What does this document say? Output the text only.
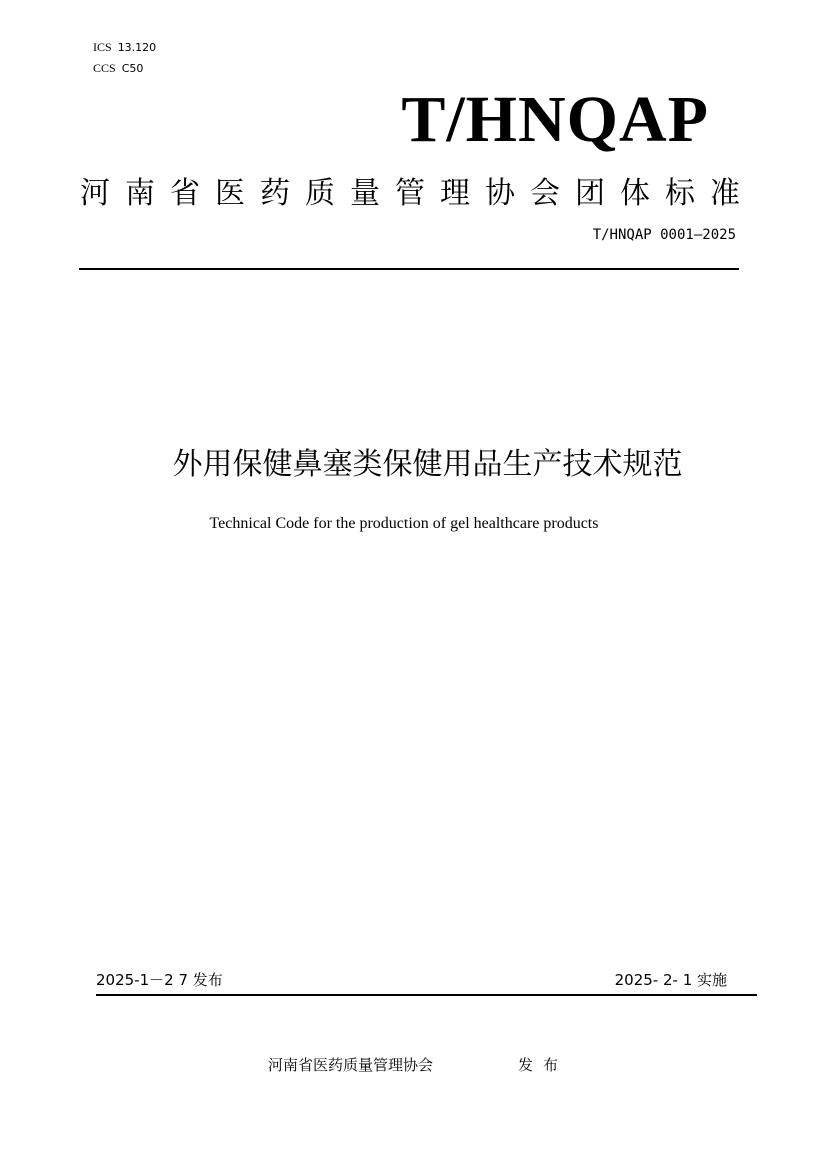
ICS 13.120
CCS C50
T/HNQAP
河 南 省 医 药 质 量 管 理 协 会 团 体 标 准
T/HNQAP 0001—2025
外用保健鼻塞类保健用品生产技术规范
Technical Code for the production of gel healthcare products
2025-1－2 7 发布	2025- 2- 1 实施
河南省医药质量管理协会	发布
